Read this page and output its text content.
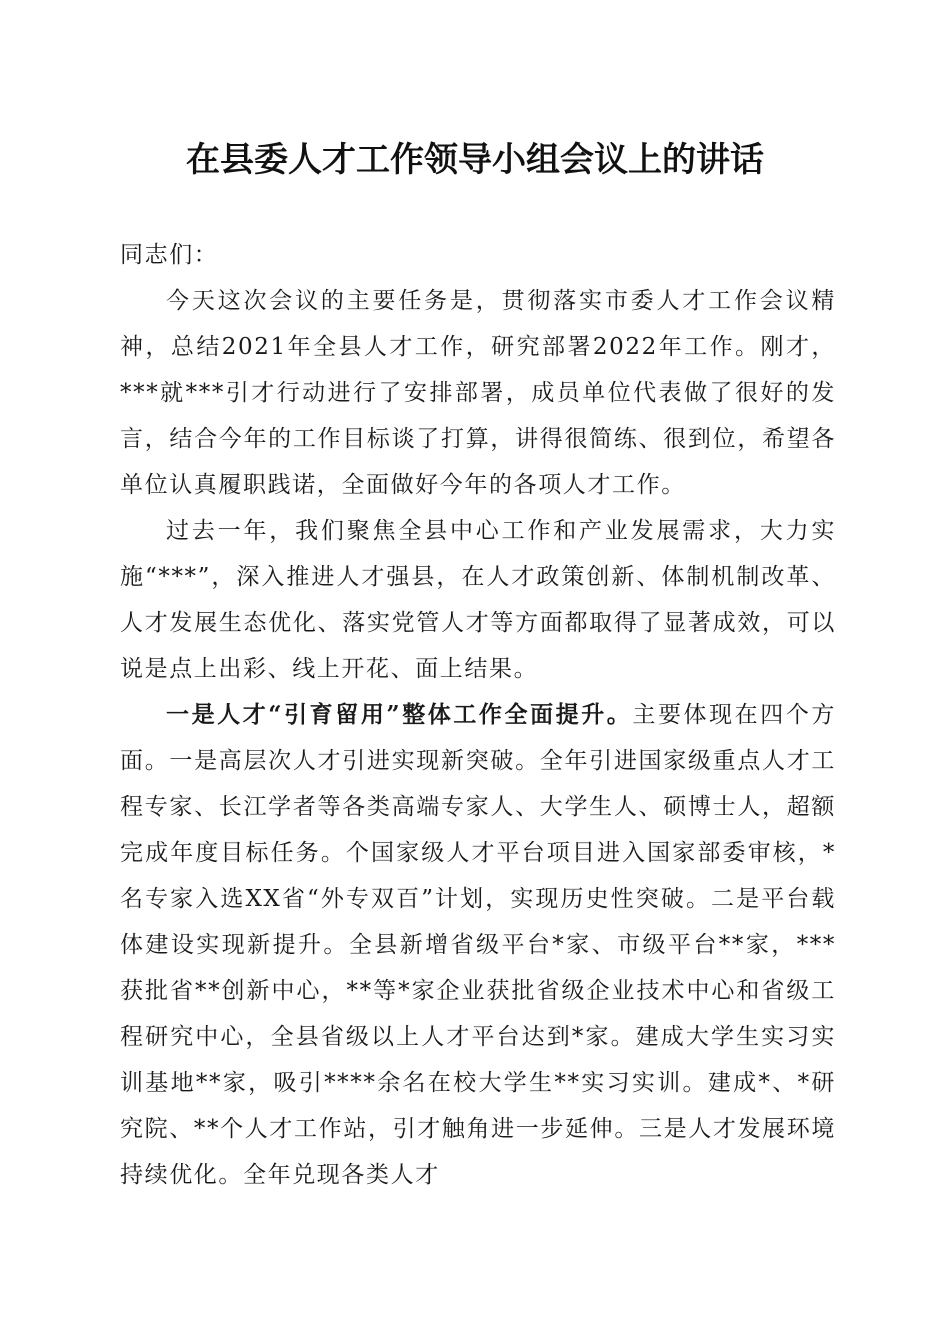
在县委人才工作领导小组会议上的讲话

同志们：

今天这次会议的主要任务是，贯彻落实市委人才工作会议精神，总结2021年全县人才工作，研究部署2022年工作。刚才，***就***引才行动进行了安排部署，成员单位代表做了很好的发言，结合今年的工作目标谈了打算，讲得很简练、很到位，希望各单位认真履职践诺，全面做好今年的各项人才工作。

过去一年，我们聚焦全县中心工作和产业发展需求，大力实施“***”，深入推进人才强县，在人才政策创新、体制机制改革、人才发展生态优化、落实党管人才等方面都取得了显著成效，可以说是点上出彩、线上开花、面上结果。

一是人才“引育留用”整体工作全面提升。主要体现在四个方面。一是高层次人才引进实现新突破。全年引进国家级重点人才工程专家、长江学者等各类高端专家人、大学生人、硕博士人，超额完成年度目标任务。个国家级人才平台项目进入国家部委审核，*名专家入选XX省“外专双百”计划，实现历史性突破。二是平台载体建设实现新提升。全县新增省级平台*家、市级平台**家，***获批省**创新中心，**等*家企业获批省级企业技术中心和省级工程研究中心，全县省级以上人才平台达到*家。建成大学生实习实训基地**家，吸引****余名在校大学生**实习实训。建成*、*研究院、**个人才工作站，引才触角进一步延伸。三是人才发展环境持续优化。全年兑现各类人才
